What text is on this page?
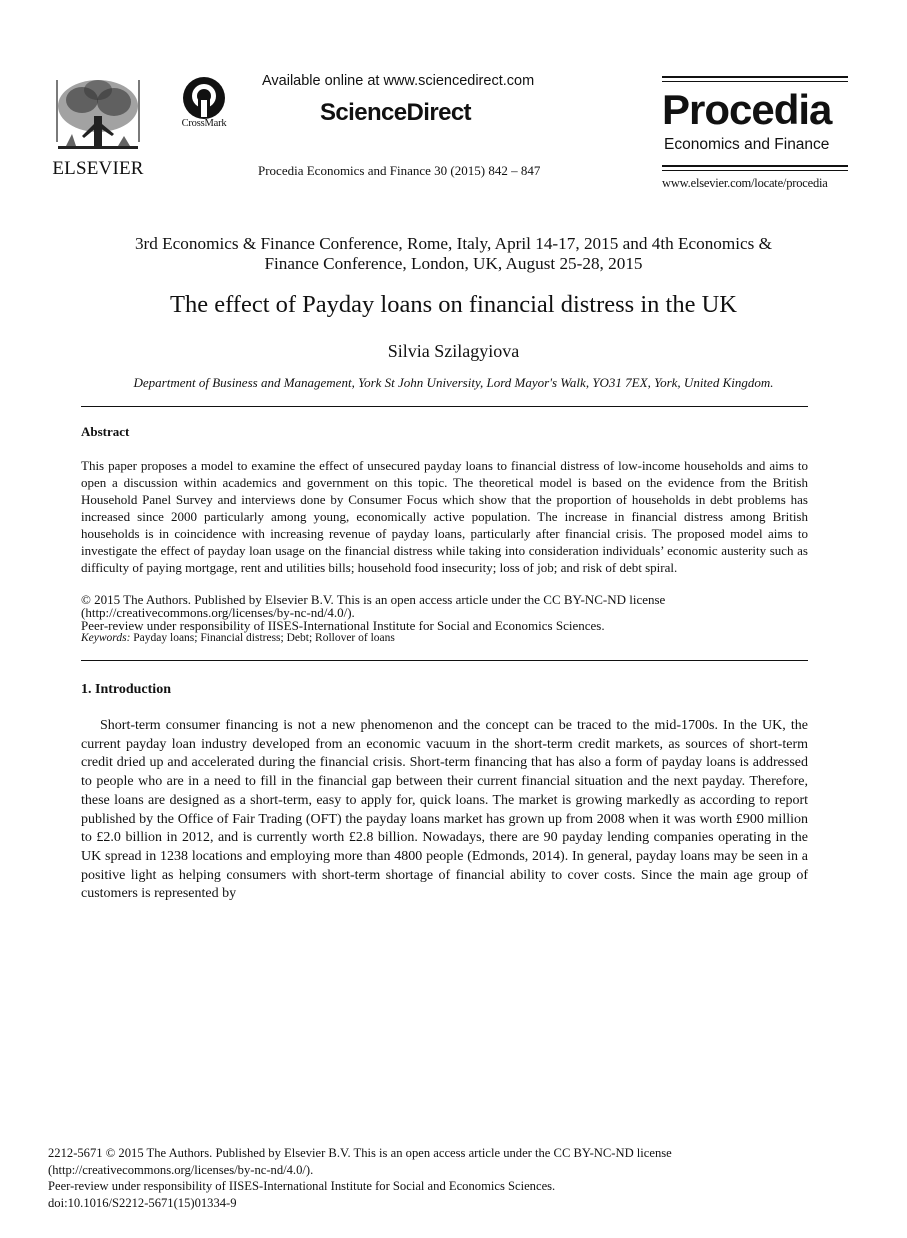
ELSEVIER
CrossMark
Available online at www.sciencedirect.com
ScienceDirect
Procedia Economics and Finance 30 (2015) 842 – 847
Procedia
Economics and Finance
www.elsevier.com/locate/procedia
3rd Economics & Finance Conference, Rome, Italy, April 14-17, 2015 and 4th Economics &
Finance Conference, London, UK, August 25-28, 2015
The effect of Payday loans on financial distress in the UK
Silvia Szilagyiova
Department of Business and Management, York St John University, Lord Mayor's Walk, YO31 7EX, York, United Kingdom.
Abstract
This paper proposes a model to examine the effect of unsecured payday loans to financial distress of low-income households and aims to open a discussion within academics and government on this topic. The theoretical model is based on the evidence from the British Household Panel Survey and interviews done by Consumer Focus which show that the proportion of households in debt problems has increased since 2000 particularly among young, economically active population. The increase in financial distress among British households is in coincidence with increasing revenue of payday loans, particularly after financial crisis. The proposed model aims to investigate the effect of payday loan usage on the financial distress while taking into consideration individuals’ economic austerity such as difficulty of paying mortgage, rent and utilities bills; household food insecurity; loss of job; and risk of debt spiral.
© 2015 The Authors. Published by Elsevier B.V. This is an open access article under the CC BY-NC-ND license
(http://creativecommons.org/licenses/by-nc-nd/4.0/).
Peer-review under responsibility of IISES-International Institute for Social and Economics Sciences.
Keywords: Payday loans; Financial distress; Debt; Rollover of loans
1. Introduction
Short-term consumer financing is not a new phenomenon and the concept can be traced to the mid-1700s. In the UK, the current payday loan industry developed from an economic vacuum in the short-term credit markets, as sources of short-term credit dried up and accelerated during the financial crisis. Short-term financing that has also a form of payday loans is addressed to people who are in a need to fill in the financial gap between their current financial situation and the next payday. Therefore, these loans are designed as a short-term, easy to apply for, quick loans. The market is growing markedly as according to report published by the Office of Fair Trading (OFT) the payday loans market has grown up from 2008 when it was worth £900 million to £2.0 billion in 2012, and is currently worth £2.8 billion. Nowadays, there are 90 payday lending companies operating in the UK spread in 1238 locations and employing more than 4800 people (Edmonds, 2014). In general, payday loans may be seen in a positive light as helping consumers with short-term shortage of financial ability to cover costs. Since the main age group of customers is represented by
2212-5671 © 2015 The Authors. Published by Elsevier B.V. This is an open access article under the CC BY-NC-ND license
(http://creativecommons.org/licenses/by-nc-nd/4.0/).
Peer-review under responsibility of IISES-International Institute for Social and Economics Sciences.
doi:10.1016/S2212-5671(15)01334-9
